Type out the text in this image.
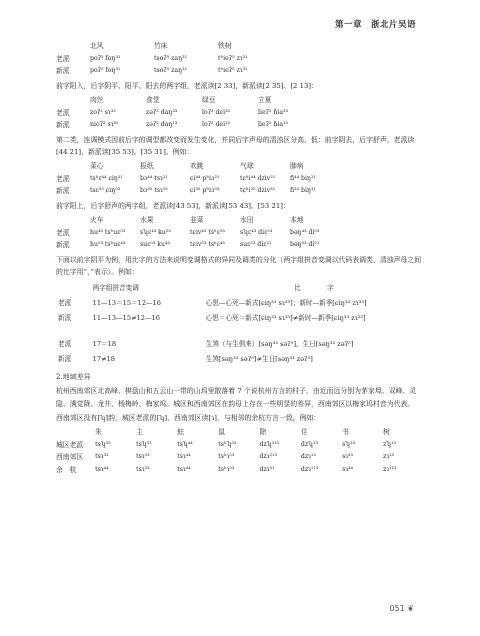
第一章　浙北片吴语
	北风	竹床	铁树
老派	poʔ⁵ foŋ³¹	tsoʔ⁵ zaŋ³¹	tʰieʔ⁵ zɿ³¹
新派	poʔ⁵ foŋ³¹	tsoʔ⁵ zaŋ³¹	tʰieʔ⁵ zɿ³¹

前字阳入，后字阴平、阳平、阳去的两字组，老派读[2 33]，新派读[2 35]、[2 13]：

	肉丝	食堂	绿豆	立夏
老派	zoʔ² sɿ³³	zəʔ² daŋ³³	loʔ² dei³³	lieʔ² ɦia³³
新派	nioʔ² sɿ³⁵	zəʔ² daŋ¹³	loʔ² dei¹³	lieʔ² ɦia¹³

第二类，连调模式因前后字的调型都改变而发生变化，并同后字声母的清浊区分高、低：前字阴去，后字舒声，老派读[44 21]，新派读[35 53]、[35 31]。例如：

	菜心	报纸	欢跳	气球	肺病
老派	tsʰɛ⁴⁴ ɕiŋ²¹	bɔ⁴⁴ tsɿ²¹	ɕi⁴⁴ pʰiɔ²¹	tɕʰi⁴⁴ dziv²¹	fi⁴⁴ biŋ²¹
新派	tsɛ³⁵ ɕiŋ⁵³	bɔ³⁵ tsɿ⁵³	ɕi³⁵ pʰiɔ⁵³	tɕʰi³⁵ dziv³¹	fi³⁵ biŋ³¹

前字阳上，后字舒声的两字组，老派读[43 53]，新派读[53 43]、[53 21]：

	火车	水果	韭菜	水田	本地
老派	hu⁴³ tsʰuɛ⁵³	sʮɛ⁴³ ku⁵³	tɕiv⁴³ tsʰɛ⁵³	sʮɛ⁴³ diɛ⁵³	bəŋ⁴³ di⁵³
新派	hu⁵³ tsʰuɛ⁴³	suɛ⁵³ ku⁴³	tɕiv⁵³ tsʰɛ⁴³	suɛ⁵³ diɛ²¹	bəŋ⁵³ di²¹

下面以前字阴平为例，用比字的方法来说明变调格式的异同及调类的分化（两字组拼音变调以代码表调类，清浊声母之间的比字用“，”表示）。例如：

	两字组拼音变调	比　　　　字
老派	11—13＝15＝12—16	心思—心死—新式[ɕiŋ³³ sɿ³³]；新时—新季[ɕiŋ³³ zɿ³³]
新派	11—13—15≠12—16	心思＝心死＝新式[ɕiŋ³³ sɿ³⁵]≠新时—新季[ɕiŋ³³ zɿ³³]

老派	17＝18	生煞（与生俱来）[səŋ³³ səʔ⁵]，生日[səŋ³³ zəʔ⁵]
新派	17≠18	生煞[səŋ³³ səʔ⁵]≠生日[səŋ³³ zəʔ⁵]
2.地域差异

杭州西南郊区北高峰、棋盘山和五云山一带的山坞里散落着 7 个说杭州方言的村子，由近而远分别为茅家埠、双峰、灵隐、满觉陇、龙井、杨梅岭、梅家坞。城区和西南郊区在韵母上存在一些明显的差异，西南郊区以梅家坞村音为代表。

西南郊区没有[ʮ]韵，城区老派的[ʮ]，西南郊区读[ɿ]，与相邻的余杭方言一致。例如：

	朱	主	蛀	鼠	除	住	书	树
城区老派	tsʮ³³	tsʮ⁵³	tsʮ⁴⁴	tsʰʮ⁵³	dzʮ²¹³	dzʮ¹³	sʮ³³	zʮ¹³
西南郊区	tsɿ³³	tsɿ⁵³	tsɿ⁴⁴	tsʰɿ⁵³	dzɿ²¹³	dzɿ¹³	sɿ³³	zɿ¹³
余　杭	tsɿ⁴⁴	tsɿ⁵³	tsɿ⁴⁴	tsʰɿ⁵³	dzɿ³¹	dzɿ¹¹³	sɿ⁴⁴	zɿ¹¹³
051 ❦
